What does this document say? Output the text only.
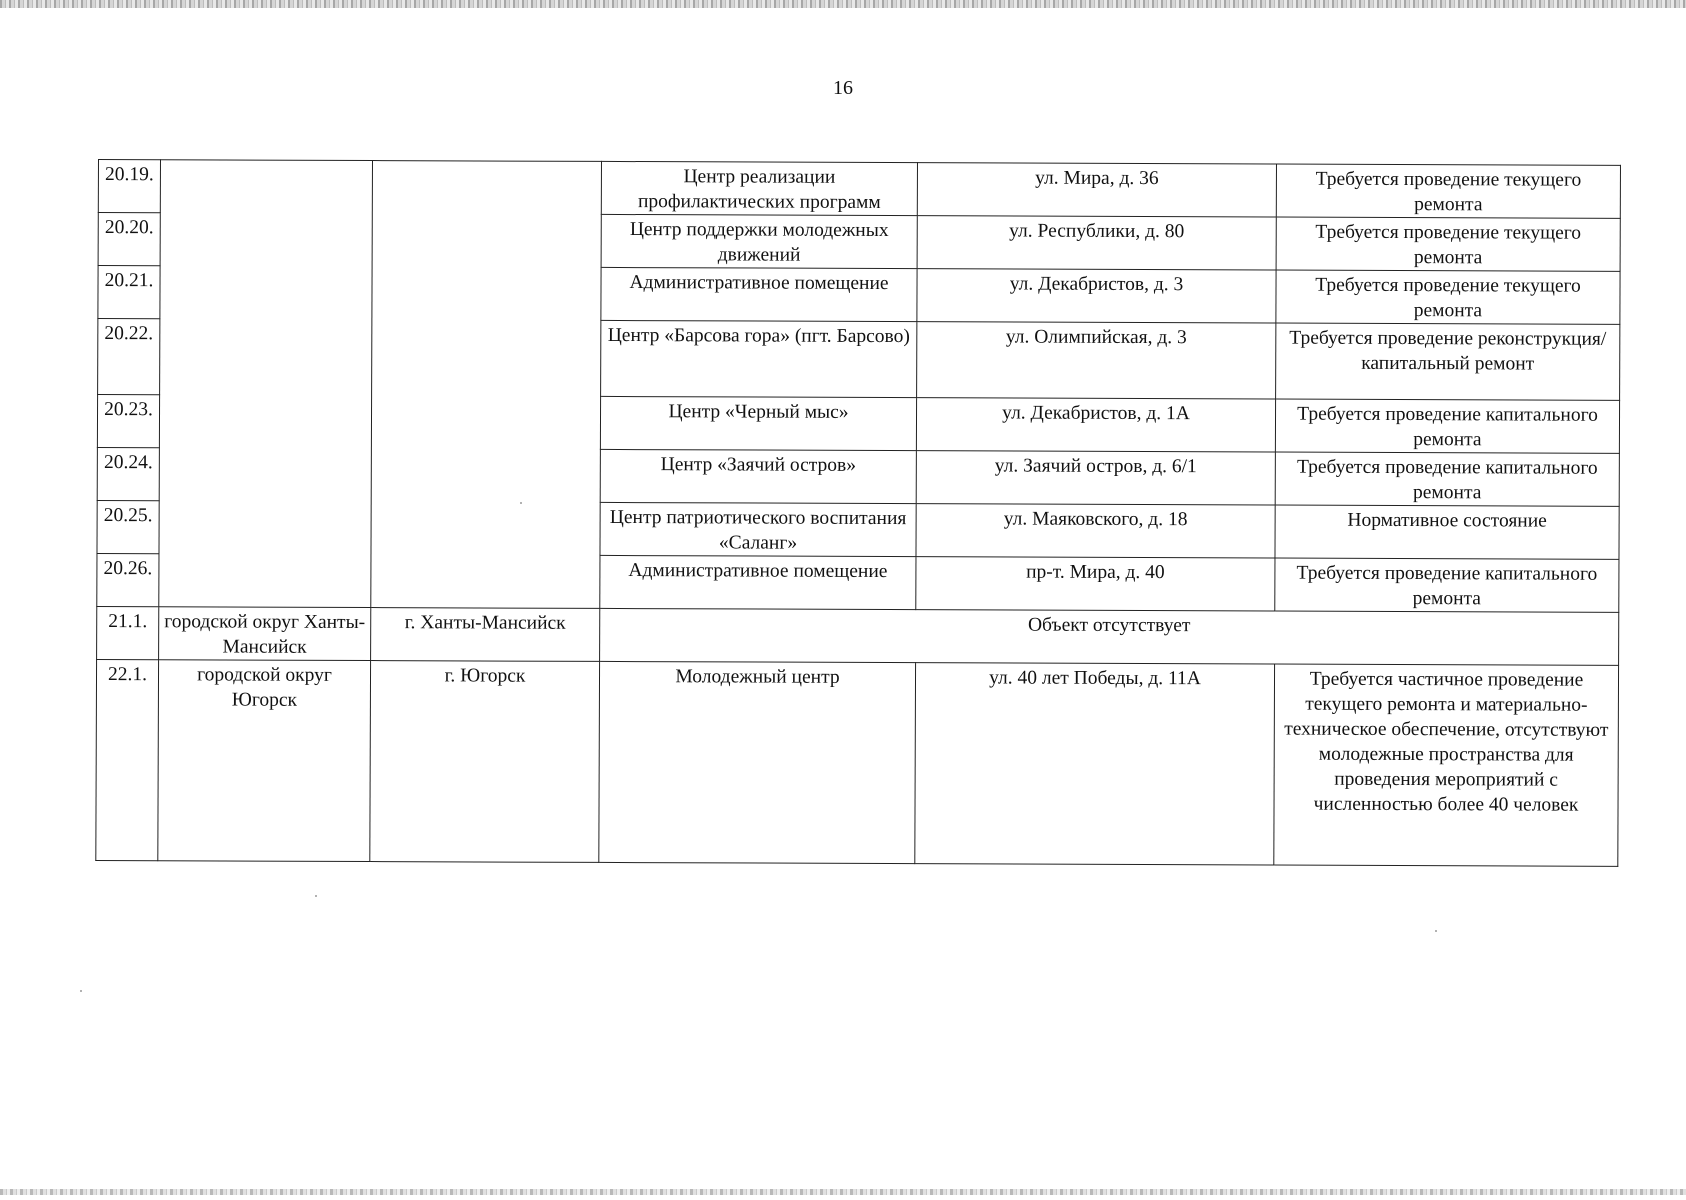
16
20.19.			Центр реализации профилактических программ	ул. Мира, д. 36	Требуется проведение текущего ремонта
20.20.			Центр поддержки молодежных движений	ул. Республики, д. 80	Требуется проведение текущего ремонта
20.21.			Административное помещение	ул. Декабристов, д. 3	Требуется проведение текущего ремонта
20.22.			Центр «Барсова гора» (пгт. Барсово)	ул. Олимпийская, д. 3	Требуется проведение реконструкция/капитальный ремонт
20.23.			Центр «Черный мыс»	ул. Декабристов, д. 1А	Требуется проведение капитального ремонта
20.24.			Центр «Заячий остров»	ул. Заячий остров, д. 6/1	Требуется проведение капитального ремонта
20.25.			Центр патриотического воспитания «Саланг»	ул. Маяковского, д. 18	Нормативное состояние
20.26.			Административное помещение	пр-т. Мира, д. 40	Требуется проведение капитального ремонта
21.1.	городской округ Ханты-Мансийск	г. Ханты-Мансийск	Объект отсутствует		
22.1.	городской округ Югорск	г. Югорск	Молодежный центр	ул. 40 лет Победы, д. 11А	Требуется частичное проведение текущего ремонта и материально-техническое обеспечение, отсутствуют молодежные пространства для проведения мероприятий с численностью более 40 человек
